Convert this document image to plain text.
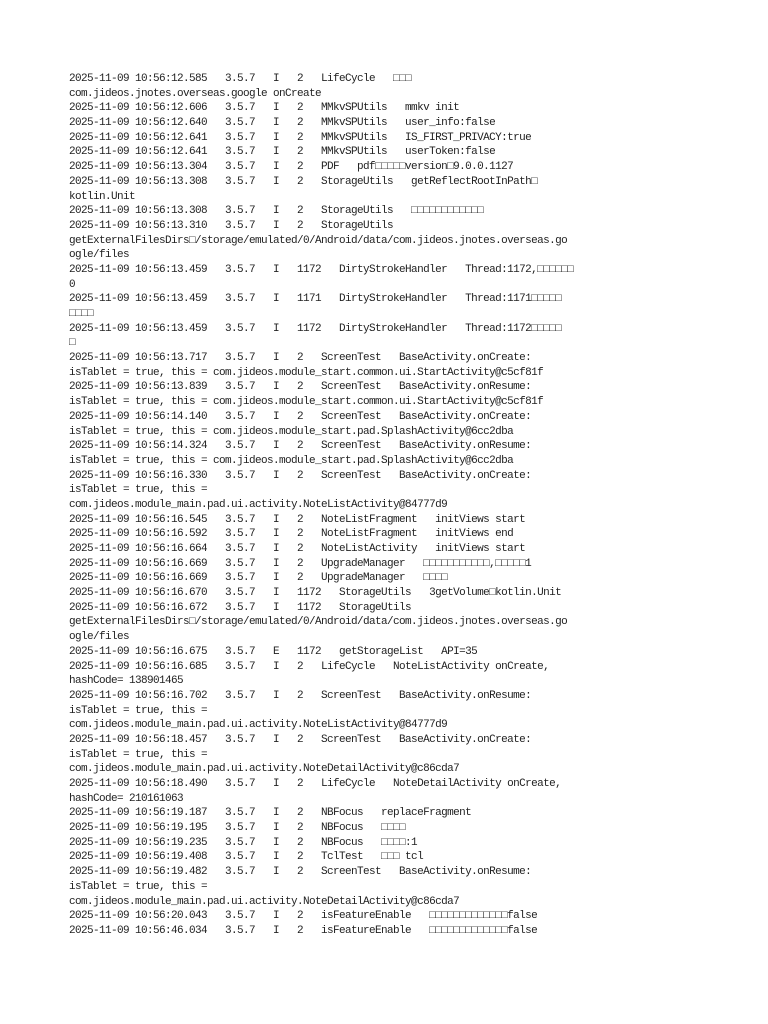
2025-11-09 10:56:12.585   3.5.7   I   2   LifeCycle   □□□
com.jideos.jnotes.overseas.google onCreate
2025-11-09 10:56:12.606   3.5.7   I   2   MMkvSPUtils   mmkv init
2025-11-09 10:56:12.640   3.5.7   I   2   MMkvSPUtils   user_info:false
2025-11-09 10:56:12.641   3.5.7   I   2   MMkvSPUtils   IS_FIRST_PRIVACY:true
2025-11-09 10:56:12.641   3.5.7   I   2   MMkvSPUtils   userToken:false
2025-11-09 10:56:13.304   3.5.7   I   2   PDF   pdf□□□□□version□9.0.0.1127
2025-11-09 10:56:13.308   3.5.7   I   2   StorageUtils   getReflectRootInPath□
kotlin.Unit
2025-11-09 10:56:13.308   3.5.7   I   2   StorageUtils   □□□□□□□□□□□□
2025-11-09 10:56:13.310   3.5.7   I   2   StorageUtils
getExternalFilesDirs□/storage/emulated/0/Android/data/com.jideos.jnotes.overseas.go
ogle/files
2025-11-09 10:56:13.459   3.5.7   I   1172   DirtyStrokeHandler   Thread:1172,□□□□□□
0
2025-11-09 10:56:13.459   3.5.7   I   1171   DirtyStrokeHandler   Thread:1171□□□□□
□□□□
2025-11-09 10:56:13.459   3.5.7   I   1172   DirtyStrokeHandler   Thread:1172□□□□□
□
2025-11-09 10:56:13.717   3.5.7   I   2   ScreenTest   BaseActivity.onCreate:
isTablet = true, this = com.jideos.module_start.common.ui.StartActivity@c5cf81f
2025-11-09 10:56:13.839   3.5.7   I   2   ScreenTest   BaseActivity.onResume:
isTablet = true, this = com.jideos.module_start.common.ui.StartActivity@c5cf81f
2025-11-09 10:56:14.140   3.5.7   I   2   ScreenTest   BaseActivity.onCreate:
isTablet = true, this = com.jideos.module_start.pad.SplashActivity@6cc2dba
2025-11-09 10:56:14.324   3.5.7   I   2   ScreenTest   BaseActivity.onResume:
isTablet = true, this = com.jideos.module_start.pad.SplashActivity@6cc2dba
2025-11-09 10:56:16.330   3.5.7   I   2   ScreenTest   BaseActivity.onCreate:
isTablet = true, this =
com.jideos.module_main.pad.ui.activity.NoteListActivity@84777d9
2025-11-09 10:56:16.545   3.5.7   I   2   NoteListFragment   initViews start
2025-11-09 10:56:16.592   3.5.7   I   2   NoteListFragment   initViews end
2025-11-09 10:56:16.664   3.5.7   I   2   NoteListActivity   initViews start
2025-11-09 10:56:16.669   3.5.7   I   2   UpgradeManager   □□□□□□□□□□□,□□□□□1
2025-11-09 10:56:16.669   3.5.7   I   2   UpgradeManager   □□□□
2025-11-09 10:56:16.670   3.5.7   I   1172   StorageUtils   3getVolume□kotlin.Unit
2025-11-09 10:56:16.672   3.5.7   I   1172   StorageUtils
getExternalFilesDirs□/storage/emulated/0/Android/data/com.jideos.jnotes.overseas.go
ogle/files
2025-11-09 10:56:16.675   3.5.7   E   1172   getStorageList   API=35
2025-11-09 10:56:16.685   3.5.7   I   2   LifeCycle   NoteListActivity onCreate,
hashCode= 138901465
2025-11-09 10:56:16.702   3.5.7   I   2   ScreenTest   BaseActivity.onResume:
isTablet = true, this =
com.jideos.module_main.pad.ui.activity.NoteListActivity@84777d9
2025-11-09 10:56:18.457   3.5.7   I   2   ScreenTest   BaseActivity.onCreate:
isTablet = true, this =
com.jideos.module_main.pad.ui.activity.NoteDetailActivity@c86cda7
2025-11-09 10:56:18.490   3.5.7   I   2   LifeCycle   NoteDetailActivity onCreate,
hashCode= 210161063
2025-11-09 10:56:19.187   3.5.7   I   2   NBFocus   replaceFragment
2025-11-09 10:56:19.195   3.5.7   I   2   NBFocus   □□□□
2025-11-09 10:56:19.235   3.5.7   I   2   NBFocus   □□□□:1
2025-11-09 10:56:19.408   3.5.7   I   2   TclTest   □□□ tcl
2025-11-09 10:56:19.482   3.5.7   I   2   ScreenTest   BaseActivity.onResume:
isTablet = true, this =
com.jideos.module_main.pad.ui.activity.NoteDetailActivity@c86cda7
2025-11-09 10:56:20.043   3.5.7   I   2   isFeatureEnable   □□□□□□□□□□□□□false
2025-11-09 10:56:46.034   3.5.7   I   2   isFeatureEnable   □□□□□□□□□□□□□false
